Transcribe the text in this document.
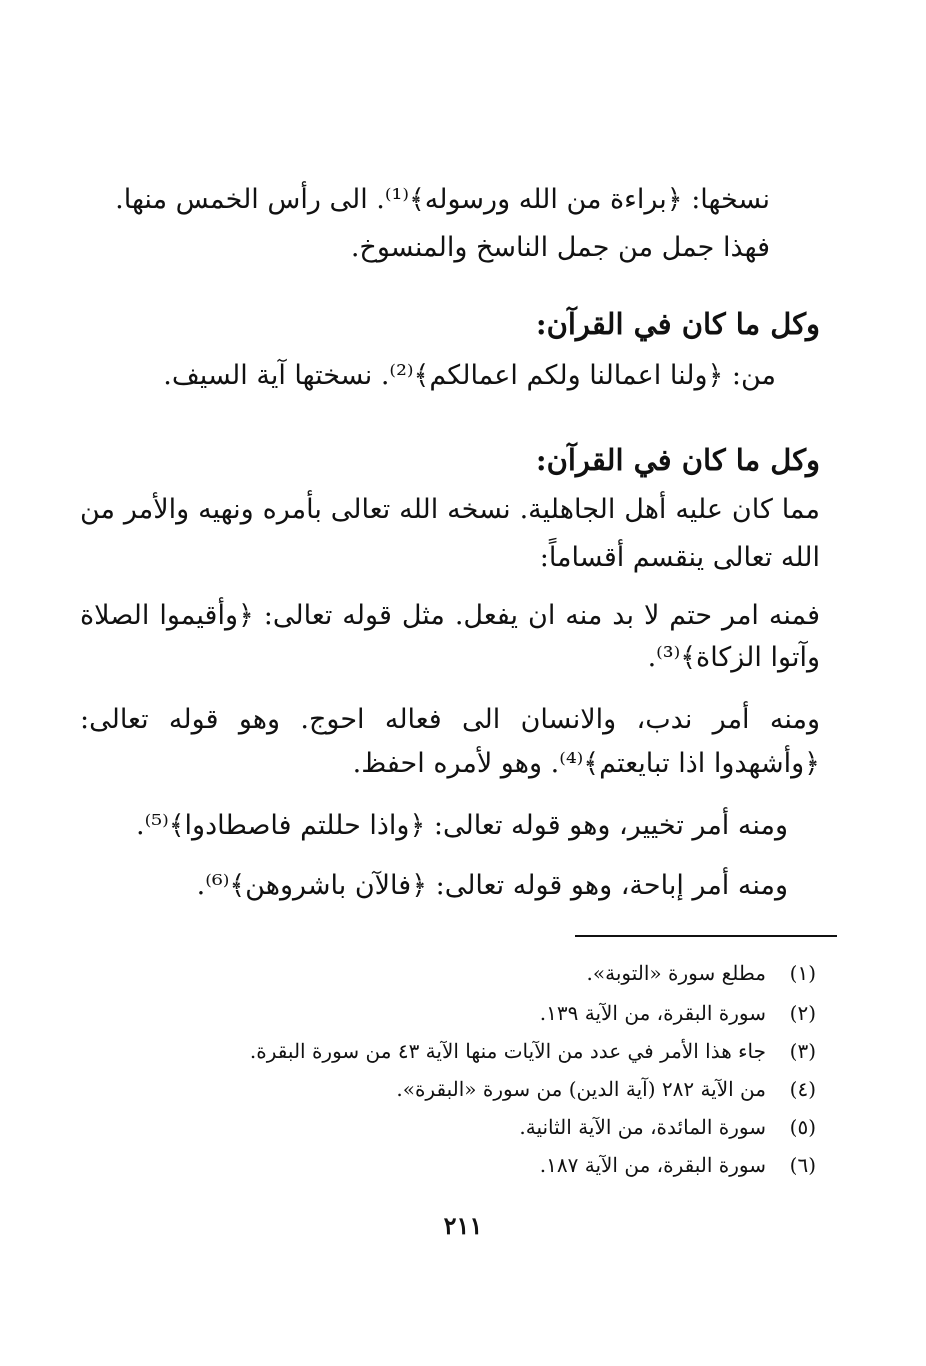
نسخها: ﴿براءة من الله ورسوله﴾⁽¹⁾. الى رأس الخمس منها.
فهذا جمل من جمل الناسخ والمنسوخ.
وكل ما كان في القرآن:
من: ﴿ولنا اعمالنا ولكم اعمالكم﴾⁽²⁾. نسختها آية السيف.
وكل ما كان في القرآن:
مما كان عليه أهل الجاهلية. نسخه الله تعالى بأمره ونهيه والأمر من
الله تعالى ينقسم أقساماً:
فمنه امر حتم لا بد منه ان يفعل. مثل قوله تعالى: ﴿وأقيموا الصلاة
وآتوا الزكاة﴾⁽³⁾.
ومنه أمر ندب، والانسان الى فعاله احوج. وهو قوله تعالى:
﴿وأشهدوا اذا تبايعتم﴾⁽⁴⁾. وهو لأمره احفظ.
ومنه أمر تخيير، وهو قوله تعالى: ﴿واذا حللتم فاصطادوا﴾⁽⁵⁾.
ومنه أمر إباحة، وهو قوله تعالى: ﴿فالآن باشروهن﴾⁽⁶⁾.
(١)مطلع سورة «التوبة».
(٢)سورة البقرة، من الآية ١٣٩.
(٣)جاء هذا الأمر في عدد من الآيات منها الآية ٤٣ من سورة البقرة.
(٤)من الآية ٢٨٢ (آية الدين) من سورة «البقرة».
(٥)سورة المائدة، من الآية الثانية.
(٦)سورة البقرة، من الآية ١٨٧.
٢١١
